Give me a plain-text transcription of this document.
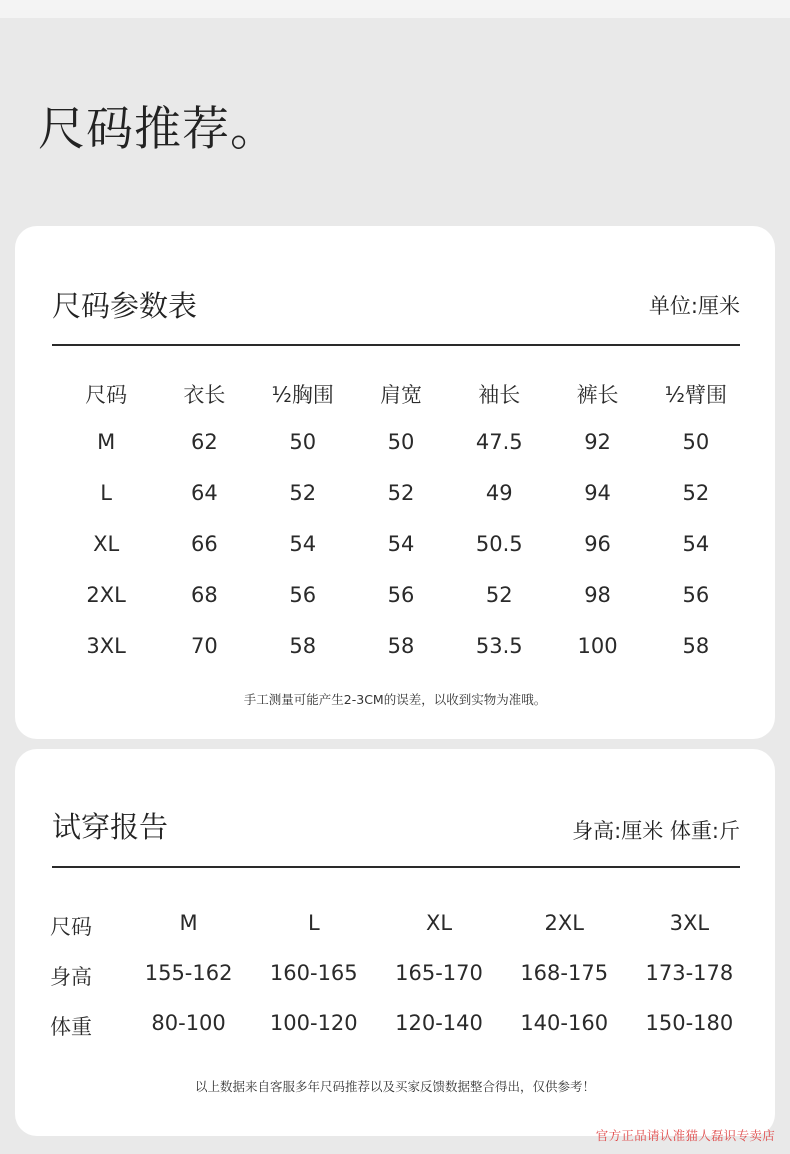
尺码推荐。
尺码参数表	单位:厘米
尺码	衣长	½胸围	肩宽	袖长	裤长	½臂围
M	62	50	50	47.5	92	50
L	64	52	52	49	94	52
XL	66	54	54	50.5	96	54
2XL	68	56	56	52	98	56
3XL	70	58	58	53.5	100	58
手工测量可能产生2-3CM的误差，以收到实物为准哦。
试穿报告	身高:厘米 体重:斤
尺码	M	L	XL	2XL	3XL
身高	155-162	160-165	165-170	168-175	173-178
体重	80-100	100-120	120-140	140-160	150-180
以上数据来自客服多年尺码推荐以及买家反馈数据整合得出，仅供参考！
官方正品请认准猫人磊识专卖店
